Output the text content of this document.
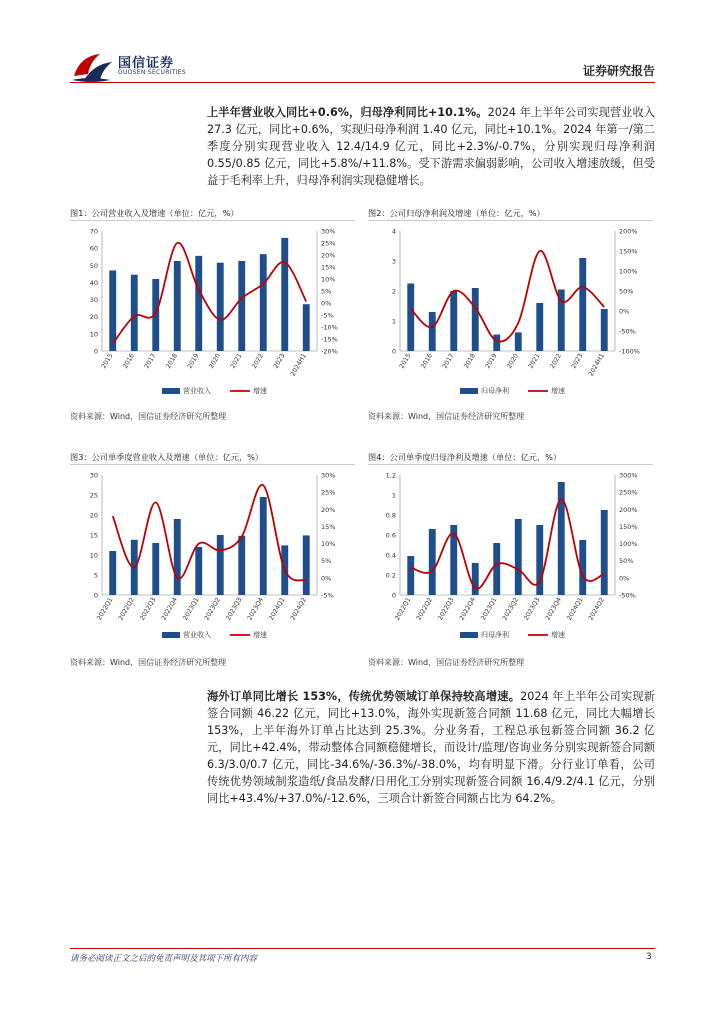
国信证券
GUOSEN SECURITIES	证券研究报告
上半年营业收入同比+0.6%，归母净利同比+10.1%。2024 年上半年公司实现营业收入 27.3 亿元，同比+0.6%，实现归母净利润 1.40 亿元，同比+10.1%。2024 年第一/第二季度分别实现营业收入 12.4/14.9 亿元，同比+2.3%/-0.7%，分别实现归母净利润 0.55/0.85 亿元，同比+5.8%/+11.8%。受下游需求偏弱影响，公司收入增速放缓，但受益于毛利率上升，归母净利润实现稳健增长。
图1：公司营业收入及增速（单位：亿元，%）
0
10
20
30
40
50
60
70
-20%
-15%
-10%
-5%
0%
5%
10%
15%
20%
25%
30%
2015 2016 2017 2018 2019 2020 2021 2022 2023 2024H1
营业收入	增速
资料来源：Wind，国信证券经济研究所整理
图2：公司归母净利润及增速（单位：亿元，%）
0
1
2
3
4
-100%
-50%
0%
50%
100%
150%
200%
2015 2016 2017 2018 2019 2020 2021 2022 2023 2024H1
归母净利	增速
资料来源：Wind，国信证券经济研究所整理
图3：公司单季度营业收入及增速（单位：亿元，%）
0
5
10
15
20
25
30
-5%
0%
5%
10%
15%
20%
25%
30%
2022Q1 2022Q2 2022Q3 2022Q4 2023Q1 2023Q2 2023Q3 2023Q4 2024Q1 2024Q2
营业收入	增速
资料来源：Wind，国信证券经济研究所整理
图4：公司单季度归母净利及增速（单位：亿元，%）
0
0.2
0.4
0.6
0.8
1
1.2
-50%
0%
50%
100%
150%
200%
250%
300%
2022Q1 2022Q2 2022Q3 2022Q4 2023Q1 2023Q2 2023Q3 2023Q4 2024Q1 2024Q2
归母净利	增速
资料来源：Wind，国信证券经济研究所整理
海外订单同比增长 153%，传统优势领域订单保持较高增速。2024 年上半年公司实现新签合同额 46.22 亿元，同比+13.0%，海外实现新签合同额 11.68 亿元，同比大幅增长 153%，上半年海外订单占比达到 25.3%。分业务看，工程总承包新签合同额 36.2 亿元，同比+42.4%，带动整体合同额稳健增长，而设计/监理/咨询业务分别实现新签合同额 6.3/3.0/0.7 亿元，同比-34.6%/-36.3%/-38.0%，均有明显下滑。分行业订单看，公司传统优势领域制浆造纸/食品发酵/日用化工分别实现新签合同额 16.4/9.2/4.1 亿元，分别同比+43.4%/+37.0%/-12.6%，三项合计新签合同额占比为 64.2%。
请务必阅读正文之后的免责声明及其项下所有内容	3
